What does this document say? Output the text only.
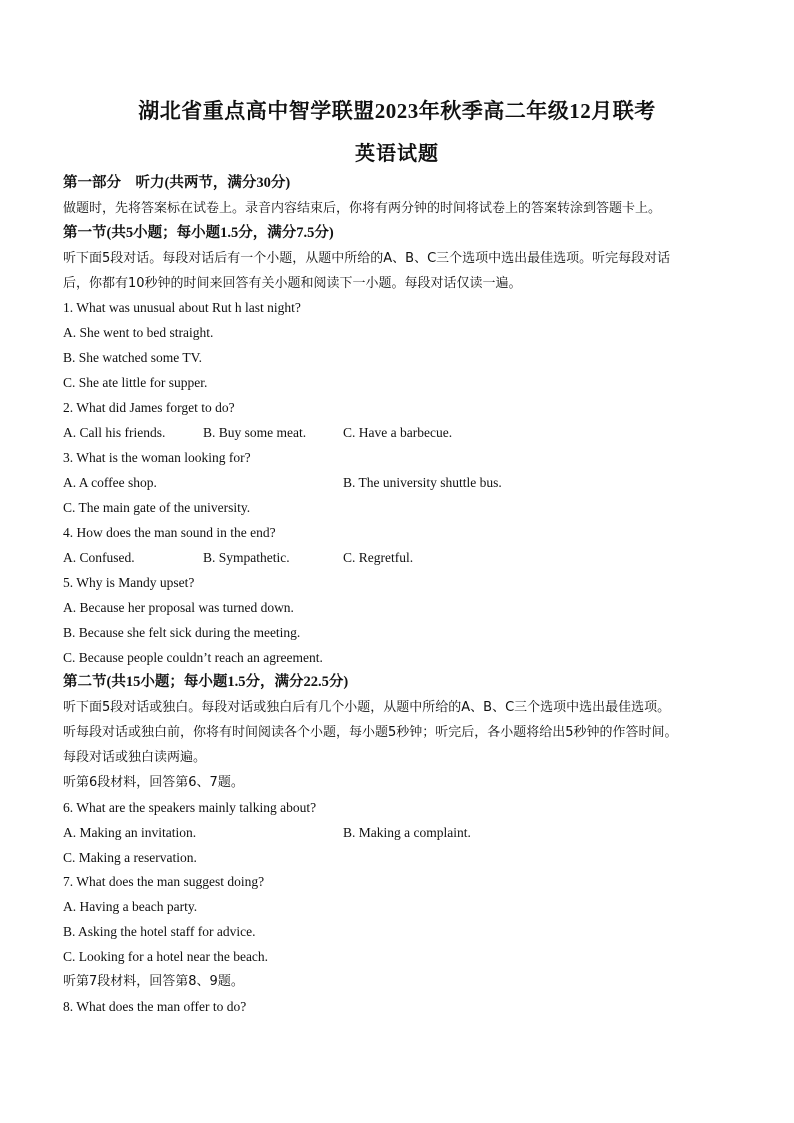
湖北省重点高中智学联盟2023年秋季高二年级12月联考
英语试题
第一部分　听力(共两节，满分30分)
做题时，先将答案标在试卷上。录音内容结束后，你将有两分钟的时间将试卷上的答案转涂到答题卡上。
第一节(共5小题；每小题1.5分，满分7.5分)
听下面5段对话。每段对话后有一个小题，从题中所给的A、B、C三个选项中选出最佳选项。听完每段对话
后，你都有10秒钟的时间来回答有关小题和阅读下一小题。每段对话仅读一遍。
1. What was unusual about Rut h last night?
A. She went to bed straight.
B. She watched some TV.
C. She ate little for supper.
2. What did James forget to do?
A. Call his friends.	B. Buy some meat.	C. Have a barbecue.
3. What is the woman looking for?
A. A coffee shop.	B. The university shuttle bus.
C. The main gate of the university.
4. How does the man sound in the end?
A. Confused.	B. Sympathetic.	C. Regretful.
5. Why is Mandy upset?
A. Because her proposal was turned down.
B. Because she felt sick during the meeting.
C. Because people couldn’t reach an agreement.
第二节(共15小题；每小题1.5分，满分22.5分)
听下面5段对话或独白。每段对话或独白后有几个小题，从题中所给的A、B、C三个选项中选出最佳选项。
听每段对话或独白前，你将有时间阅读各个小题，每小题5秒钟；听完后，各小题将给出5秒钟的作答时间。
每段对话或独白读两遍。
听第6段材料，回答第6、7题。
6. What are the speakers mainly talking about?
A. Making an invitation.	B. Making a complaint.
C. Making a reservation.
7. What does the man suggest doing?
A. Having a beach party.
B. Asking the hotel staff for advice.
C. Looking for a hotel near the beach.
听第7段材料，回答第8、9题。
8. What does the man offer to do?
